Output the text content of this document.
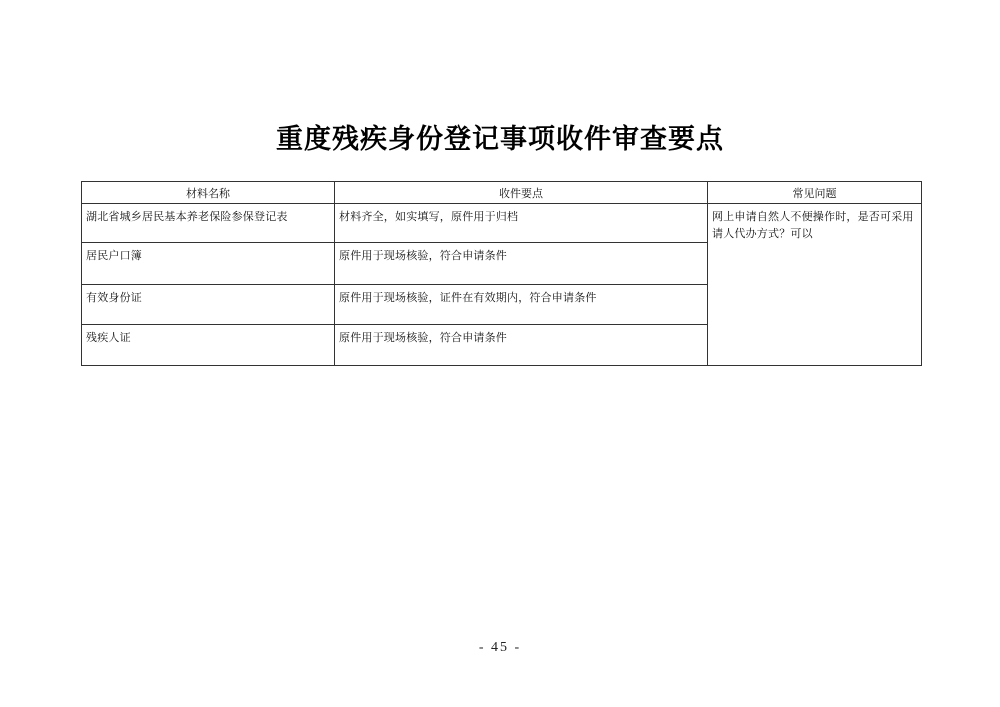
重度残疾身份登记事项收件审查要点
材料名称	收件要点	常见问题

湖北省城乡居民基本养老保险参保登记表	材料齐全，如实填写，原件用于归档	网上申请自然人不便操作时，是否可采用请人代办方式？可以

居民户口簿	原件用于现场核验，符合申请条件	

有效身份证	原件用于现场核验，证件在有效期内，符合申请条件	

残疾人证	原件用于现场核验，符合申请条件	
- 45 -
